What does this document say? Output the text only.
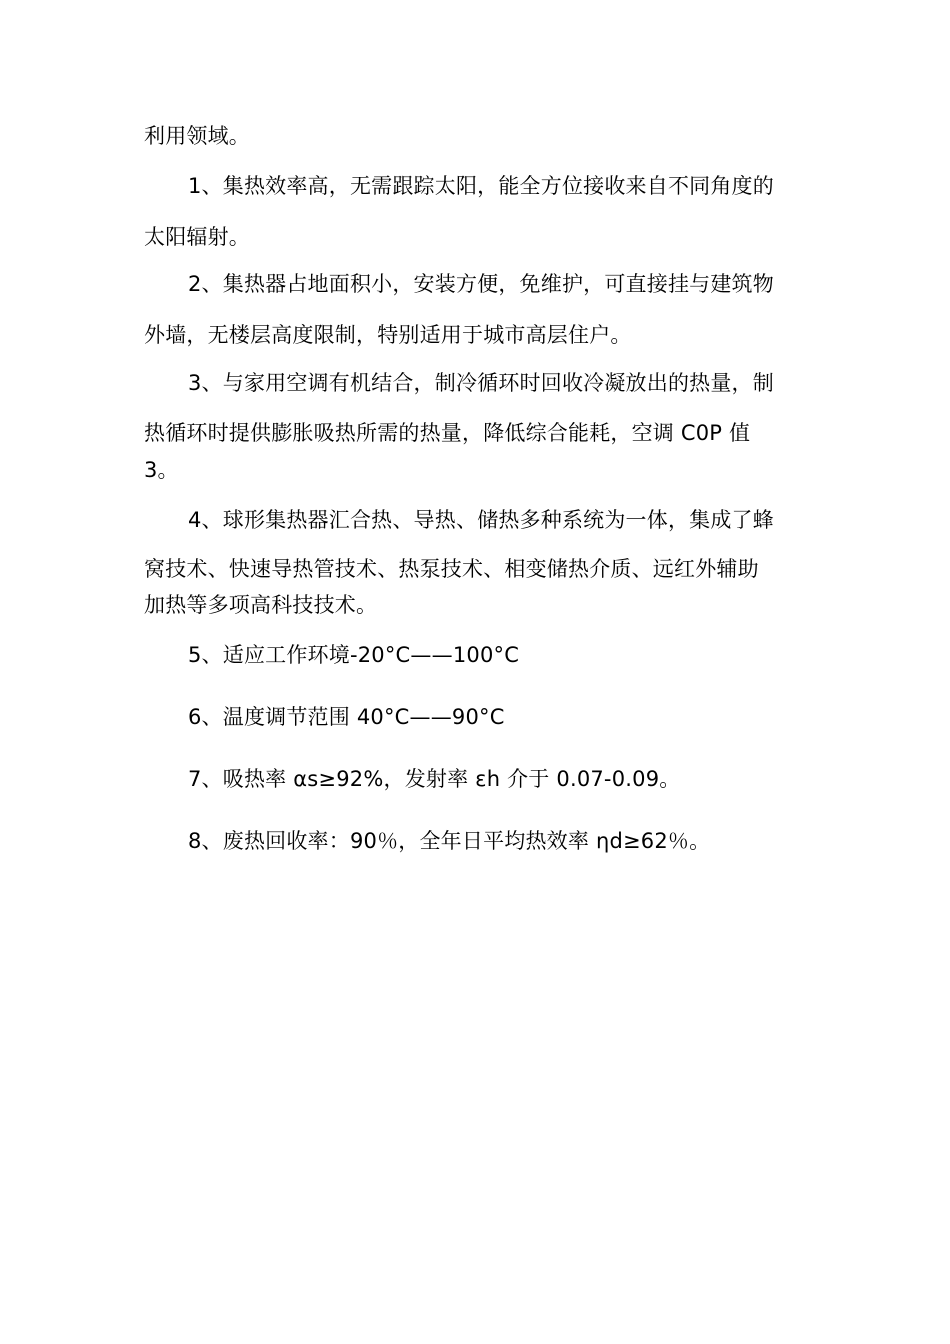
利用领域。
1、集热效率高，无需跟踪太阳，能全方位接收来自不同角度的
太阳辐射。
2、集热器占地面积小，安装方便，免维护，可直接挂与建筑物
外墙，无楼层高度限制，特别适用于城市高层住户。
3、与家用空调有机结合，制冷循环时回收冷凝放出的热量，制
热循环时提供膨胀吸热所需的热量，降低综合能耗，空调 C0P 值
3。
4、球形集热器汇合热、导热、储热多种系统为一体，集成了蜂
窝技术、快速导热管技术、热泵技术、相变储热介质、远红外辅助
加热等多项高科技技术。
5、适应工作环境-20°C——100°C
6、温度调节范围 40°C——90°C
7、吸热率 αs≥92%，发射率 εh 介于 0.07-0.09。
8、废热回收率：90％，全年日平均热效率 ηd≥62％。
